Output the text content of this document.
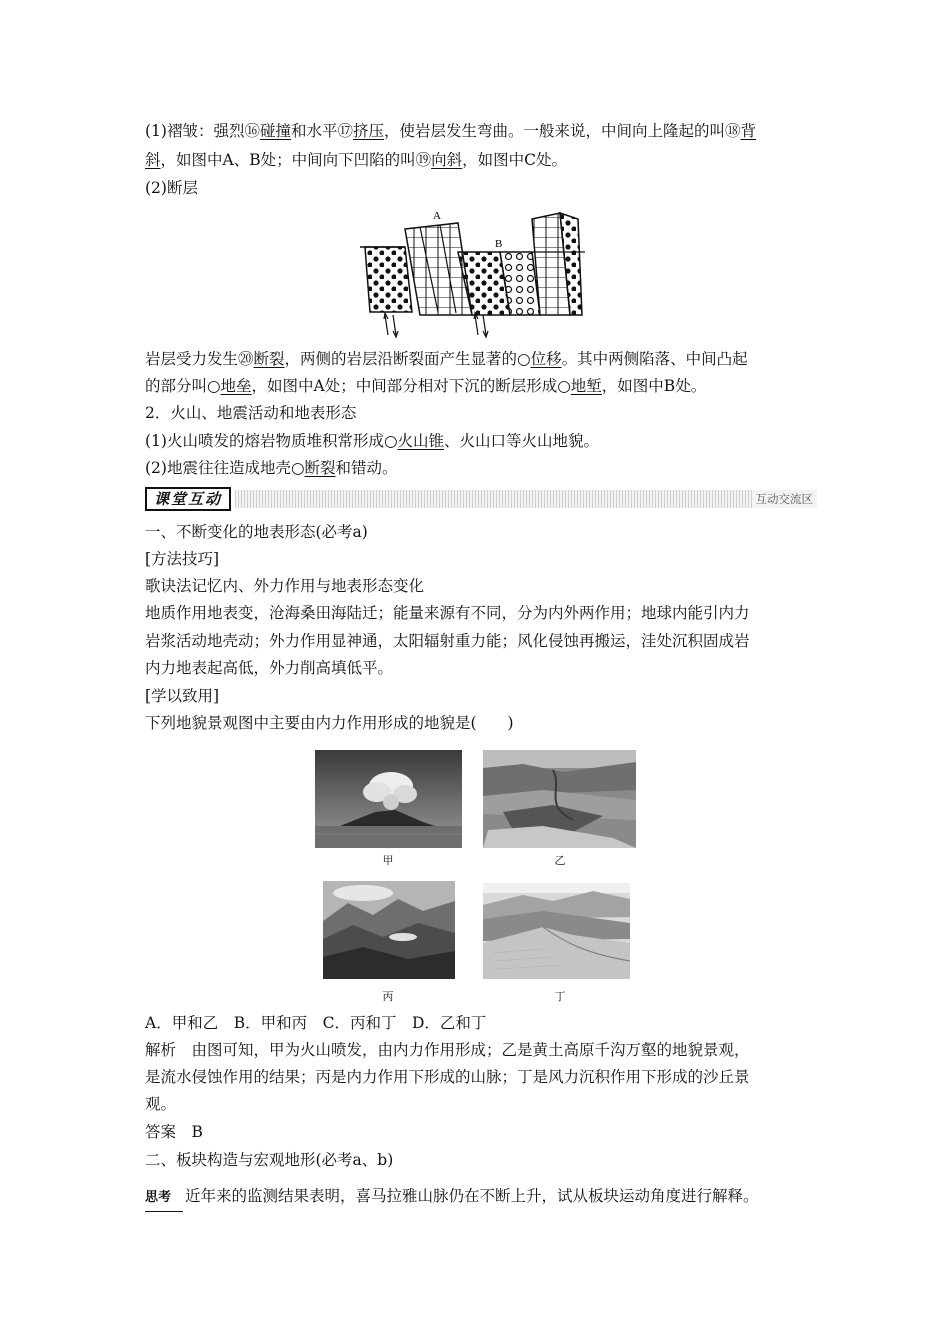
(1)褶皱：强烈⑯碰撞和水平⑰挤压，使岩层发生弯曲。一般来说，中间向上隆起的叫⑱背
斜，如图中A、B处；中间向下凹陷的叫⑲向斜，如图中C处。
(2)断层
A
B
岩层受力发生⑳断裂，两侧的岩层沿断裂面产生显著的○位移。其中两侧陷落、中间凸起
的部分叫○地垒，如图中A处；中间部分相对下沉的断层形成○地堑，如图中B处。
2．火山、地震活动和地表形态
(1)火山喷发的熔岩物质堆积常形成○火山锥、火山口等火山地貌。
(2)地震往往造成地壳○断裂和错动。
课堂互动	互动交流区
一、不断变化的地表形态(必考a)
[方法技巧]
歌诀法记忆内、外力作用与地表形态变化
地质作用地表变，沧海桑田海陆迁；能量来源有不同，分为内外两作用；地球内能引内力
岩浆活动地壳动；外力作用显神通，太阳辐射重力能；风化侵蚀再搬运，洼处沉积固成岩
内力地表起高低，外力削高填低平。
[学以致用]
下列地貌景观图中主要由内力作用形成的地貌是(　　)
甲	乙
丙	丁
A．甲和乙　B．甲和丙　C．丙和丁　D．乙和丁
解析　由图可知，甲为火山喷发，由内力作用形成；乙是黄土高原千沟万壑的地貌景观，
是流水侵蚀作用的结果；丙是内力作用下形成的山脉；丁是风力沉积作用下形成的沙丘景
观。
答案　B
二、板块构造与宏观地形(必考a、b)
思考 近年来的监测结果表明，喜马拉雅山脉仍在不断上升，试从板块运动角度进行解释。
